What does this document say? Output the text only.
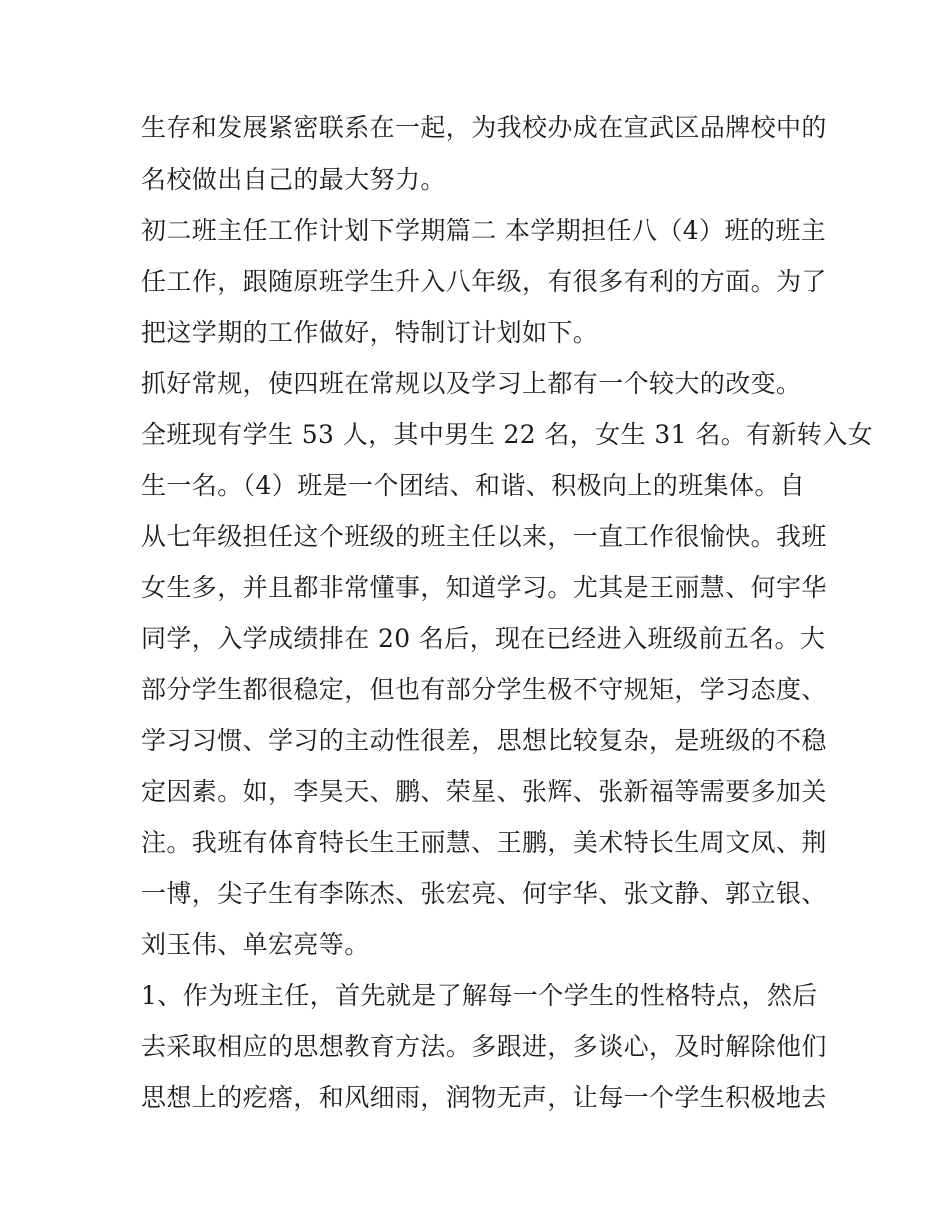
生存和发展紧密联系在一起，为我校办成在宣武区品牌校中的
名校做出自己的最大努力。
初二班主任工作计划下学期篇二 本学期担任八（4）班的班主
任工作，跟随原班学生升入八年级，有很多有利的方面。为了
把这学期的工作做好，特制订计划如下。
抓好常规，使四班在常规以及学习上都有一个较大的改变。
全班现有学生 53 人，其中男生 22 名，女生 31 名。有新转入女
生一名。（4）班是一个团结、和谐、积极向上的班集体。自
从七年级担任这个班级的班主任以来，一直工作很愉快。我班
女生多，并且都非常懂事，知道学习。尤其是王丽慧、何宇华
同学，入学成绩排在 20 名后，现在已经进入班级前五名。大
部分学生都很稳定，但也有部分学生极不守规矩，学习态度、
学习习惯、学习的主动性很差，思想比较复杂，是班级的不稳
定因素。如，李昊天、鹏、荣星、张辉、张新福等需要多加关
注。我班有体育特长生王丽慧、王鹏，美术特长生周文凤、荆
一博，尖子生有李陈杰、张宏亮、何宇华、张文静、郭立银、
刘玉伟、单宏亮等。
1、作为班主任，首先就是了解每一个学生的性格特点，然后
去采取相应的思想教育方法。多跟进，多谈心，及时解除他们
思想上的疙瘩，和风细雨，润物无声，让每一个学生积极地去
